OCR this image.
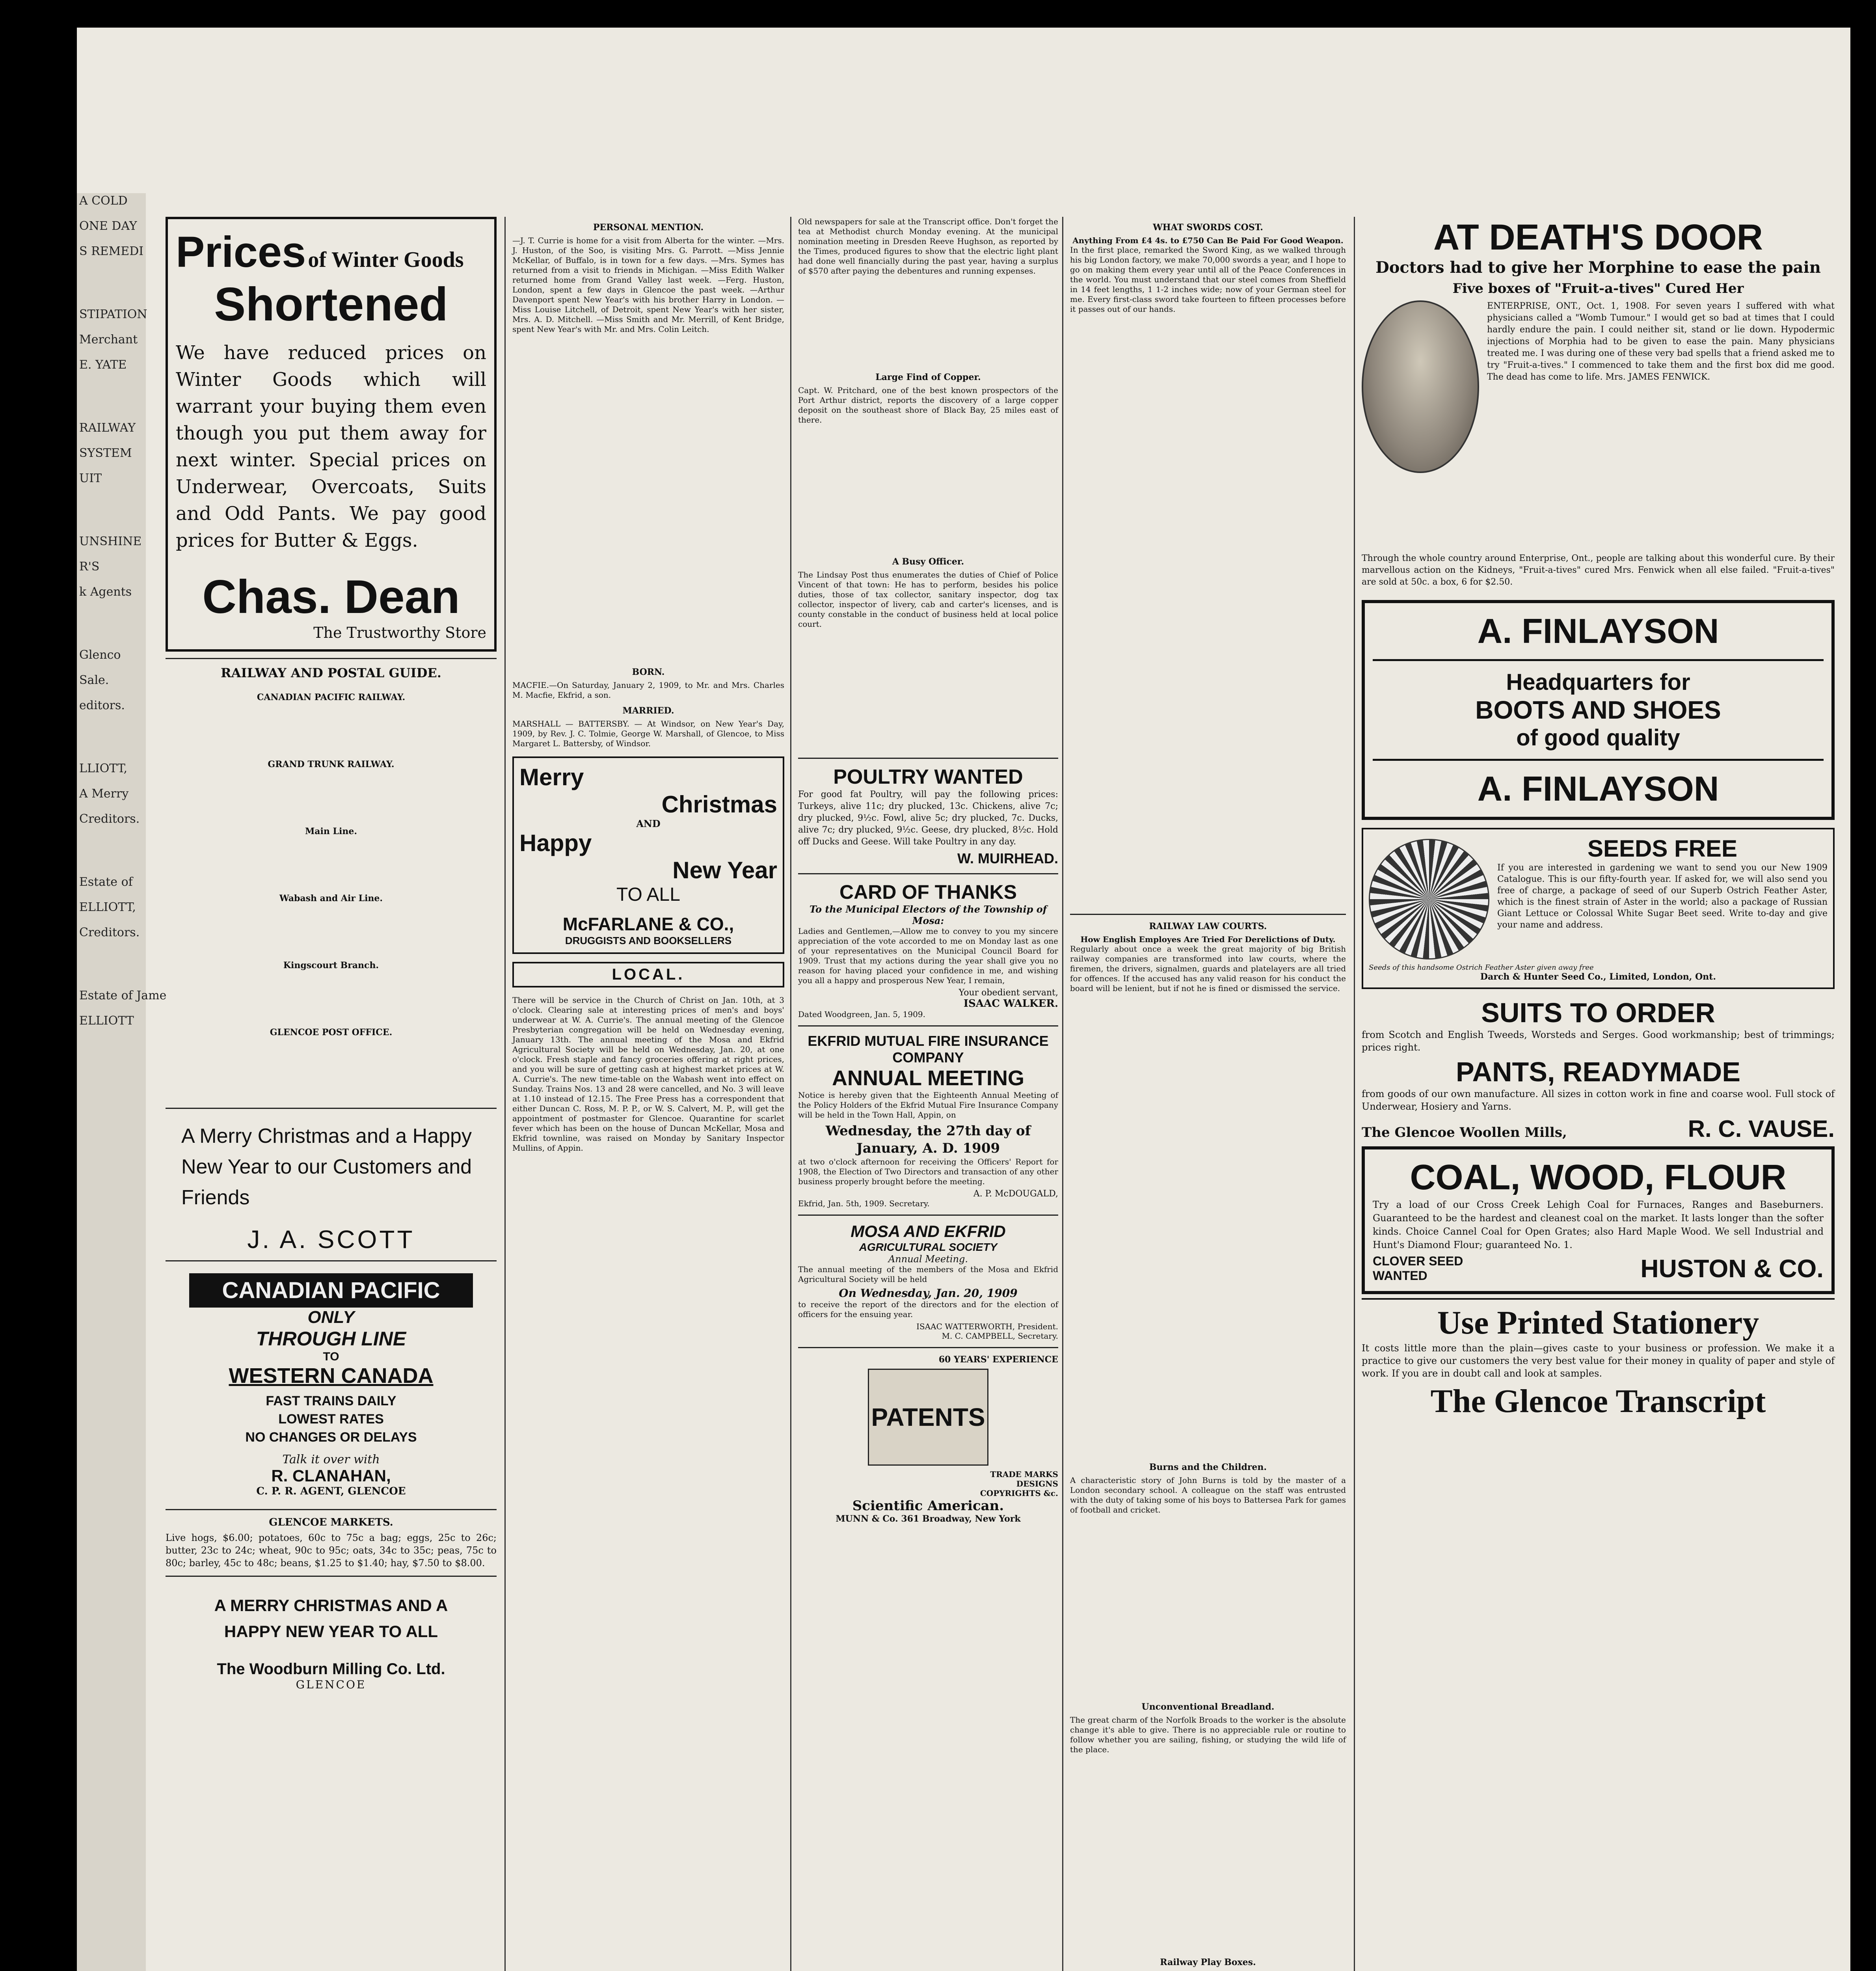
A COLD

ONE DAY

S REMEDI

STIPATION

Merchant

E. YATE

RAILWAY

SYSTEM

UIT

UNSHINE

R'S

k Agents

Glenco

Sale.

editors.

LLIOTT,

A Merry

Creditors.

Estate of

ELLIOTT,

Creditors.

Estate of Jame

ELLIOTT

Prices of Winter Goods
Shortened

We have reduced prices on Winter Goods which will warrant your buying them even though you put them away for next winter. Special prices on Underwear, Overcoats, Suits and Odd Pants. We pay good prices for Butter & Eggs.

Chas. Dean
The Trustworthy Store
RAILWAY AND POSTAL GUIDE.
CANADIAN PACIFIC RAILWAY.
GRAND TRUNK RAILWAY.
Main Line.
Wabash and Air Line.
Kingscourt Branch.
GLENCOE POST OFFICE.

A Merry Christmas and a Happy New Year to our Customers and Friends

J. A. SCOTT
CANADIAN PACIFIC
ONLY
THROUGH LINE
TO
WESTERN CANADA
FAST TRAINS DAILY
LOWEST RATES
NO CHANGES OR DELAYS
Talk it over with
R. CLANAHAN,
C. P. R. AGENT, GLENCOE
GLENCOE MARKETS.

Live hogs, $6.00; potatoes, 60c to 75c a bag; eggs, 25c to 26c; butter, 23c to 24c; wheat, 90c to 95c; oats, 34c to 35c; peas, 75c to 80c; barley, 45c to 48c; beans, $1.25 to $1.40; hay, $7.50 to $8.00.

A MERRY CHRISTMAS AND A HAPPY NEW YEAR TO ALL

The Woodburn Milling Co. Ltd.
GLENCOE
PERSONAL MENTION.

—J. T. Currie is home for a visit from Alberta for the winter. —Mrs. J. Huston, of the Soo, is visiting Mrs. G. Parrott. —Miss Jennie McKellar, of Buffalo, is in town for a few days. —Mrs. Symes has returned from a visit to friends in Michigan. —Miss Edith Walker returned home from Grand Valley last week. —Ferg. Huston, London, spent a few days in Glencoe the past week. —Arthur Davenport spent New Year's with his brother Harry in London. —Miss Louise Litchell, of Detroit, spent New Year's with her sister, Mrs. A. D. Mitchell. —Miss Smith and Mr. Merrill, of Kent Bridge, spent New Year's with Mr. and Mrs. Colin Leitch.

BORN.

MACFIE.—On Saturday, January 2, 1909, to Mr. and Mrs. Charles M. Macfie, Ekfrid, a son.

MARRIED.

MARSHALL — BATTERSBY. — At Windsor, on New Year's Day, 1909, by Rev. J. C. Tolmie, George W. Marshall, of Glencoe, to Miss Margaret L. Battersby, of Windsor.

Merry
Christmas
AND
Happy
New Year
TO ALL
McFARLANE & CO.,
DRUGGISTS AND BOOKSELLERS
LOCAL.

There will be service in the Church of Christ on Jan. 10th, at 3 o'clock. Clearing sale at interesting prices of men's and boys' underwear at W. A. Currie's. The annual meeting of the Glencoe Presbyterian congregation will be held on Wednesday evening, January 13th. The annual meeting of the Mosa and Ekfrid Agricultural Society will be held on Wednesday, Jan. 20, at one o'clock. Fresh staple and fancy groceries offering at right prices, and you will be sure of getting cash at highest market prices at W. A. Currie's. The new time-table on the Wabash went into effect on Sunday. Trains Nos. 13 and 28 were cancelled, and No. 3 will leave at 1.10 instead of 12.15. The Free Press has a correspondent that either Duncan C. Ross, M. P. P., or W. S. Calvert, M. P., will get the appointment of postmaster for Glencoe. Quarantine for scarlet fever which has been on the house of Duncan McKellar, Mosa and Ekfrid townline, was raised on Monday by Sanitary Inspector Mullins, of Appin.

Old newspapers for sale at the Transcript office. Don't forget the tea at Methodist church Monday evening. At the municipal nomination meeting in Dresden Reeve Hughson, as reported by the Times, produced figures to show that the electric light plant had done well financially during the past year, having a surplus of $570 after paying the debentures and running expenses.

Large Find of Copper.

Capt. W. Pritchard, one of the best known prospectors of the Port Arthur district, reports the discovery of a large copper deposit on the southeast shore of Black Bay, 25 miles east of there.

A Busy Officer.

The Lindsay Post thus enumerates the duties of Chief of Police Vincent of that town: He has to perform, besides his police duties, those of tax collector, sanitary inspector, dog tax collector, inspector of livery, cab and carter's licenses, and is county constable in the conduct of business held at local police court.

POULTRY WANTED

For good fat Poultry, will pay the following prices: Turkeys, alive 11c; dry plucked, 13c. Chickens, alive 7c; dry plucked, 9½c. Fowl, alive 5c; dry plucked, 7c. Ducks, alive 7c; dry plucked, 9½c. Geese, dry plucked, 8½c. Hold off Ducks and Geese. Will take Poultry in any day.

W. MUIRHEAD.
CARD OF THANKS
To the Municipal Electors of the Township of Mosa:

Ladies and Gentlemen,—Allow me to convey to you my sincere appreciation of the vote accorded to me on Monday last as one of your representatives on the Municipal Council Board for 1909. Trust that my actions during the year shall give you no reason for having placed your confidence in me, and wishing you all a happy and prosperous New Year, I remain,

Your obedient servant,
ISAAC WALKER.
Dated Woodgreen, Jan. 5, 1909.
EKFRID MUTUAL FIRE INSURANCE COMPANY
ANNUAL MEETING

Notice is hereby given that the Eighteenth Annual Meeting of the Policy Holders of the Ekfrid Mutual Fire Insurance Company will be held in the Town Hall, Appin, on

Wednesday, the 27th day of January, A. D. 1909

at two o'clock afternoon for receiving the Officers' Report for 1908, the Election of Two Directors and transaction of any other business properly brought before the meeting.

A. P. McDOUGALD,
Ekfrid, Jan. 5th, 1909. Secretary.
MOSA AND EKFRID
AGRICULTURAL SOCIETY
Annual Meeting.

The annual meeting of the members of the Mosa and Ekfrid Agricultural Society will be held

On Wednesday, Jan. 20, 1909

to receive the report of the directors and for the election of officers for the ensuing year.

ISAAC WATTERWORTH, President.
M. C. CAMPBELL, Secretary.
60 YEARS' EXPERIENCE
PATENTS
TRADE MARKS
DESIGNS
COPYRIGHTS &c.
Scientific American.
MUNN & Co. 361 Broadway, New York
WHAT SWORDS COST.
Anything From £4 4s. to £750 Can Be Paid For Good Weapon.

In the first place, remarked the Sword King, as we walked through his big London factory, we make 70,000 swords a year, and I hope to go on making them every year until all of the Peace Conferences in the world. You must understand that our steel comes from Sheffield in 14 feet lengths, 1 1-2 inches wide; now of your German steel for me. Every first-class sword take fourteen to fifteen processes before it passes out of our hands.

RAILWAY LAW COURTS.
How English Employes Are Tried For Derelictions of Duty.

Regularly about once a week the great majority of big British railway companies are transformed into law courts, where the firemen, the drivers, signalmen, guards and platelayers are all tried for offences. If the accused has any valid reason for his conduct the board will be lenient, but if not he is fined or dismissed the service.

Burns and the Children.

A characteristic story of John Burns is told by the master of a London secondary school. A colleague on the staff was entrusted with the duty of taking some of his boys to Battersea Park for games of football and cricket.

Unconventional Breadland.

The great charm of the Norfolk Broads to the worker is the absolute change it's able to give. There is no appreciable rule or routine to follow whether you are sailing, fishing, or studying the wild life of the place.

Railway Play Boxes.

AT DEATH'S DOOR
Doctors had to give her Morphine to ease the pain
Five boxes of "Fruit-a-tives" Cured Her

ENTERPRISE, ONT., Oct. 1, 1908. For seven years I suffered with what physicians called a "Womb Tumour." I would get so bad at times that I could hardly endure the pain. I could neither sit, stand or lie down. Hypodermic injections of Morphia had to be given to ease the pain. Many physicians treated me. I was during one of these very bad spells that a friend asked me to try "Fruit-a-tives." I commenced to take them and the first box did me good. The dead has come to life. Mrs. JAMES FENWICK.

Through the whole country around Enterprise, Ont., people are talking about this wonderful cure. By their marvellous action on the Kidneys, "Fruit-a-tives" cured Mrs. Fenwick when all else failed. "Fruit-a-tives" are sold at 50c. a box, 6 for $2.50.

A. FINLAYSON
Headquarters for
BOOTS AND SHOES
of good quality
A. FINLAYSON
SEEDS FREE

If you are interested in gardening we want to send you our New 1909 Catalogue. This is our fifty-fourth year. If asked for, we will also send you free of charge, a package of seed of our Superb Ostrich Feather Aster, which is the finest strain of Aster in the world; also a package of Russian Giant Lettuce or Colossal White Sugar Beet seed. Write to-day and give your name and address.

Seeds of this handsome Ostrich Feather Aster given away free
Darch & Hunter Seed Co., Limited, London, Ont.
SUITS TO ORDER

from Scotch and English Tweeds, Worsteds and Serges. Good workmanship; best of trimmings; prices right.

PANTS, READYMADE

from goods of our own manufacture. All sizes in cotton work in fine and coarse wool. Full stock of Underwear, Hosiery and Yarns.

The Glencoe Woollen Mills,	R. C. VAUSE.
COAL, WOOD, FLOUR

Try a load of our Cross Creek Lehigh Coal for Furnaces, Ranges and Baseburners. Guaranteed to be the hardest and cleanest coal on the market. It lasts longer than the softer kinds. Choice Cannel Coal for Open Grates; also Hard Maple Wood. We sell Industrial and Hunt's Diamond Flour; guaranteed No. 1.

CLOVER SEED WANTED	HUSTON & CO.
Use Printed Stationery

It costs little more than the plain—gives caste to your business or profession. We make it a practice to give our customers the very best value for their money in quality of paper and style of work. If you are in doubt call and look at samples.

The Glencoe Transcript
